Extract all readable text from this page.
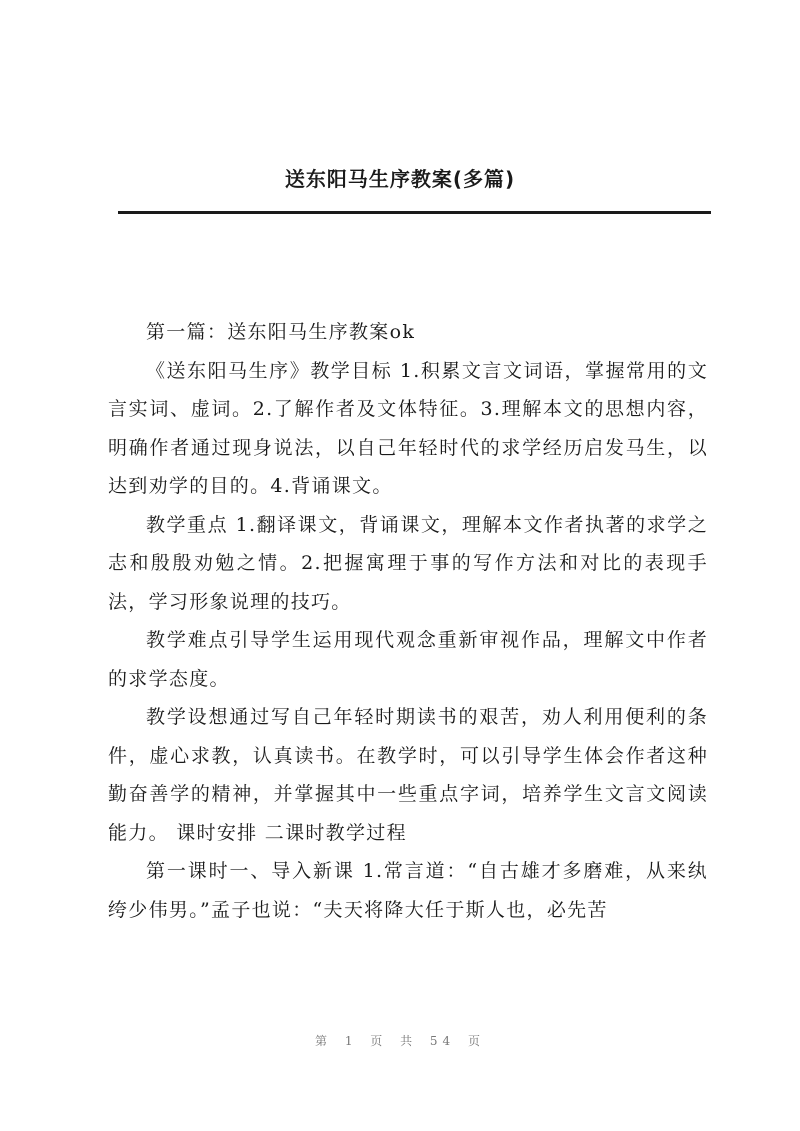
送东阳马生序教案(多篇)

第一篇：送东阳马生序教案ok

《送东阳马生序》教学目标 1.积累文言文词语，掌握常用的文言实词、虚词。2.了解作者及文体特征。3.理解本文的思想内容，明确作者通过现身说法，以自己年轻时代的求学经历启发马生，以达到劝学的目的。4.背诵课文。

教学重点 1.翻译课文，背诵课文，理解本文作者执著的求学之志和殷殷劝勉之情。2.把握寓理于事的写作方法和对比的表现手法，学习形象说理的技巧。

教学难点引导学生运用现代观念重新审视作品，理解文中作者的求学态度。

教学设想通过写自己年轻时期读书的艰苦，劝人利用便利的条件，虚心求教，认真读书。在教学时，可以引导学生体会作者这种勤奋善学的精神，并掌握其中一些重点字词，培养学生文言文阅读能力。 课时安排 二课时教学过程

第一课时一、导入新课 1.常言道：“自古雄才多磨难，从来纨绔少伟男。”孟子也说：“夫天将降大任于斯人也，必先苦

第 1 页 共 54 页
